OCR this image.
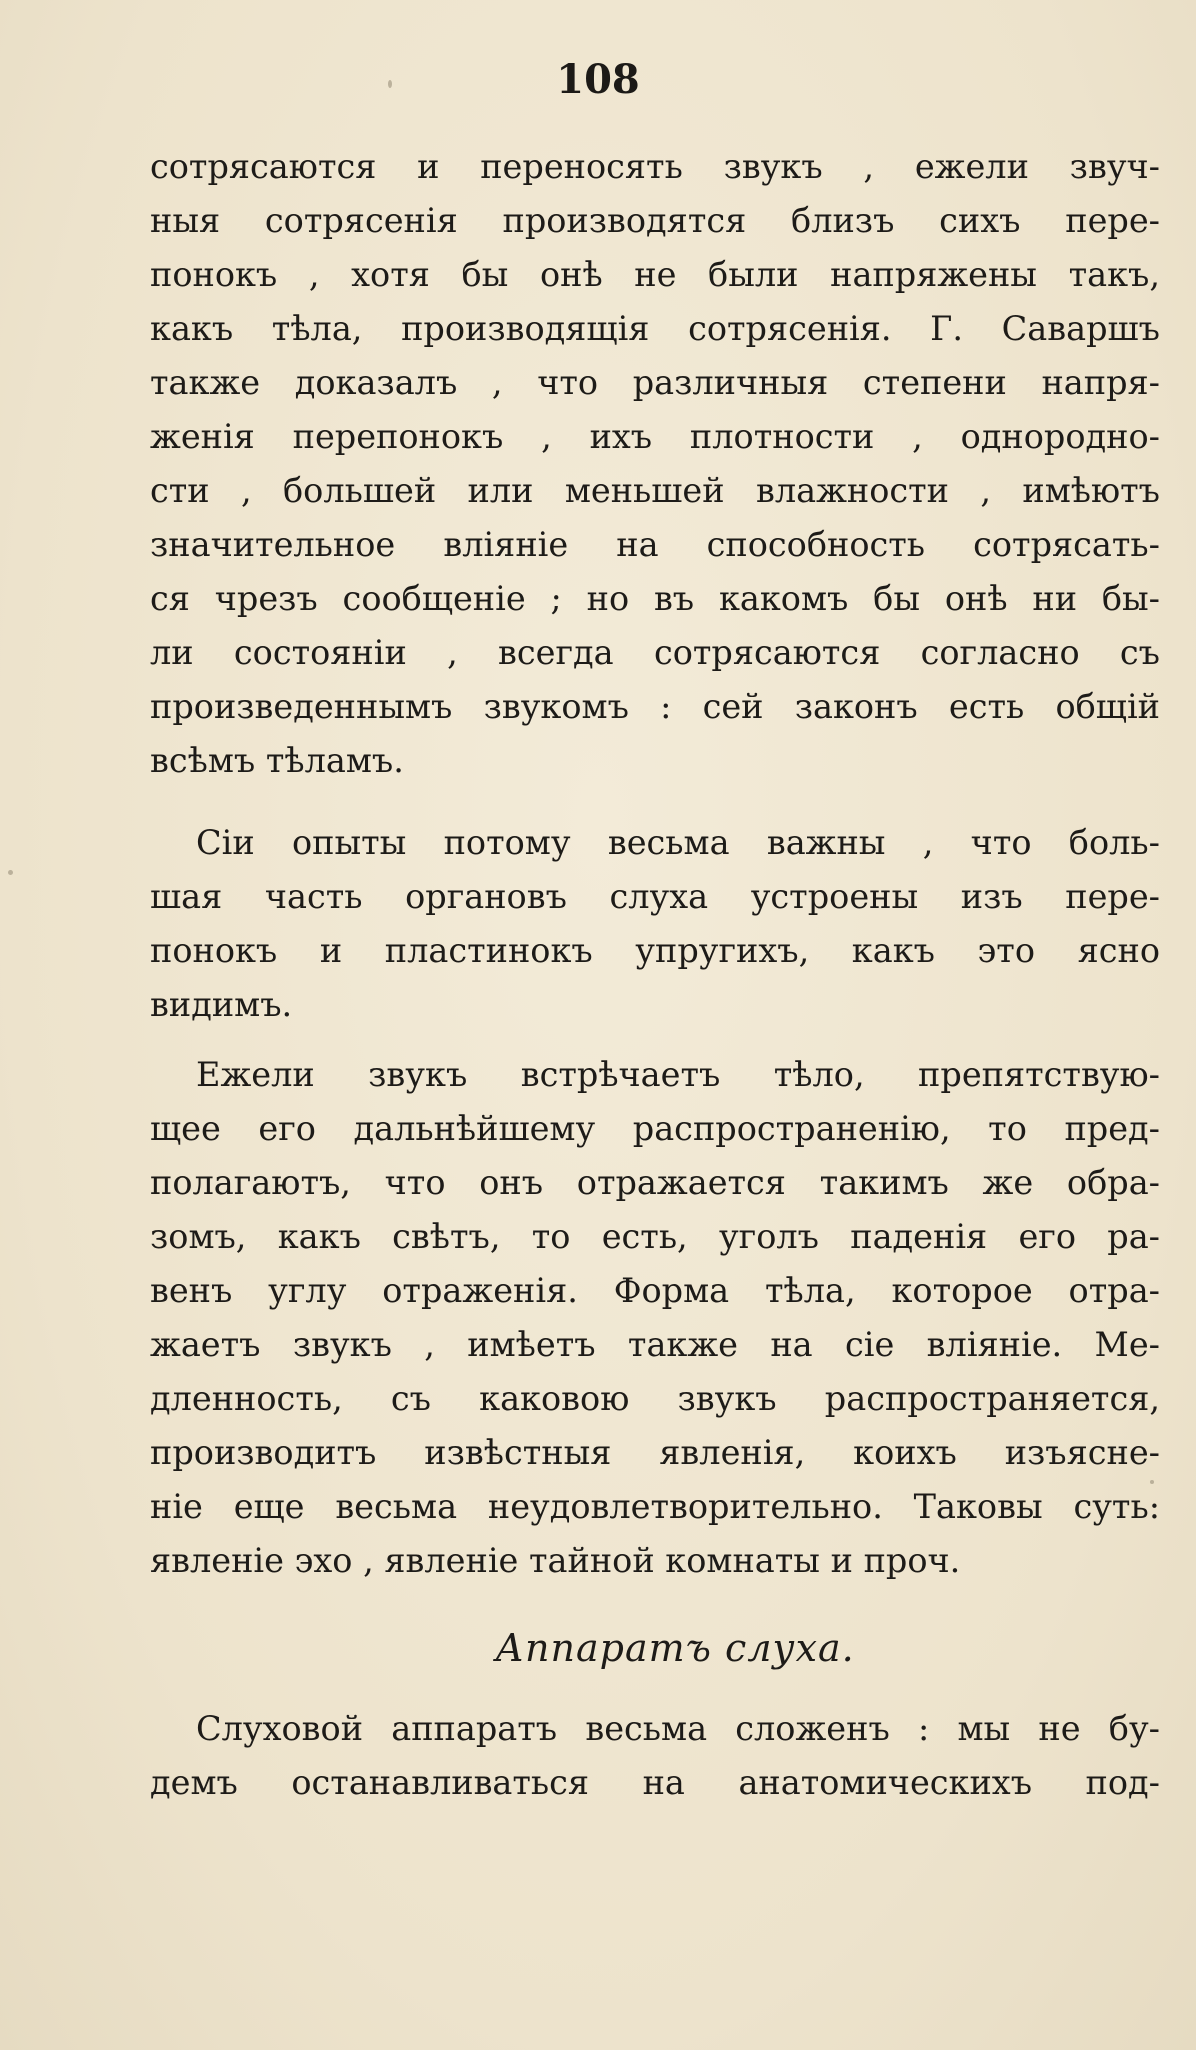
108
сотрясаются и переносять звукъ , ежели звуч-
ныя сотрясенія производятся близъ сихъ пере-
понокъ , хотя бы онѣ не были напряжены такъ,
какъ тѣла, производящія сотрясенія. Г. Саваршъ
также доказалъ , что различныя степени напря-
женія перепонокъ , ихъ плотности , однородно-
сти , большей или меньшей влажности , имѣютъ
значительное вліяніе на способность сотрясать-
ся чрезъ сообщеніе ; но въ какомъ бы онѣ ни бы-
ли состояніи , всегда сотрясаются согласно съ
произведеннымъ звукомъ : сей законъ есть общій
всѣмъ тѣламъ.
Сіи опыты потому весьма важны , что боль-
шая часть органовъ слуха устроены изъ пере-
понокъ и пластинокъ упругихъ, какъ это ясно
видимъ.
Ежели звукъ встрѣчаетъ тѣло, препятствую-
щее его дальнѣйшему распространенію, то пред-
полагаютъ, что онъ отражается такимъ же обра-
зомъ, какъ свѣтъ, то есть, уголъ паденія его ра-
венъ углу отраженія. Форма тѣла, которое отра-
жаетъ звукъ , имѣетъ также на сіе вліяніе. Ме-
дленность, съ каковою звукъ распространяется,
производитъ извѣстныя явленія, коихъ изъясне-
ніе еще весьма неудовлетворительно. Таковы суть:
явленіе эхо , явленіе тайной комнаты и проч.
Аппаратъ слуха.
Слуховой аппаратъ весьма сложенъ : мы не бу-
демъ останавливаться на анатомическихъ под-
